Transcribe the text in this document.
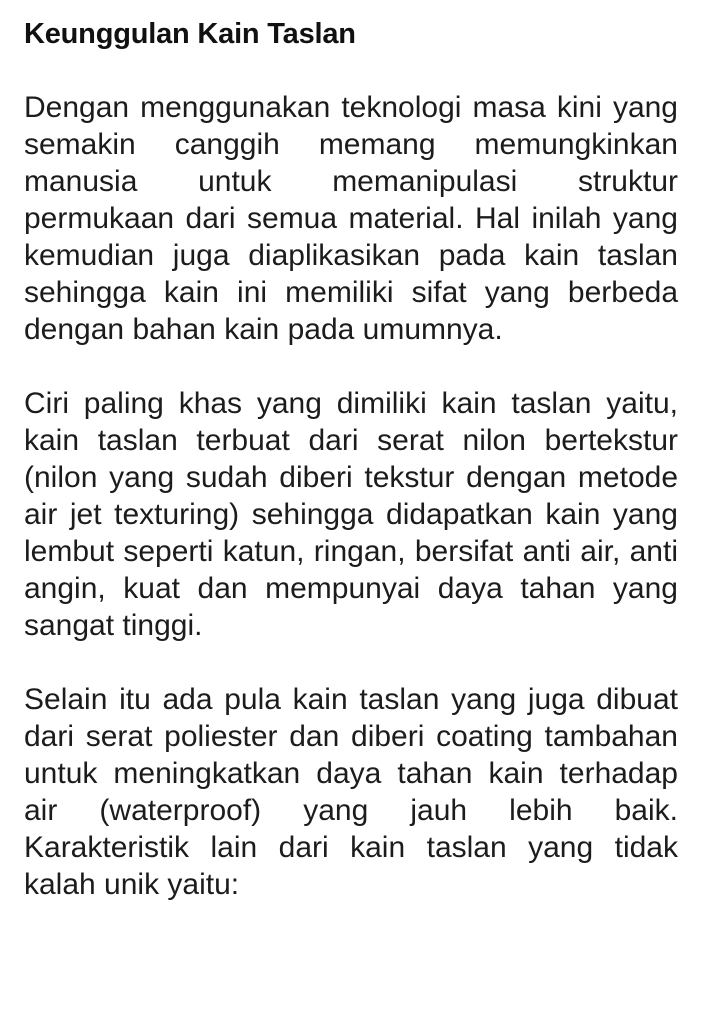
Keunggulan Kain Taslan

Dengan menggunakan teknologi masa kini yang semakin canggih memang memungkinkan manusia untuk memanipulasi struktur permukaan dari semua material. Hal inilah yang kemudian juga diaplikasikan pada kain taslan sehingga kain ini memiliki sifat yang berbeda dengan bahan kain pada umumnya.

Ciri paling khas yang dimiliki kain taslan yaitu, kain taslan terbuat dari serat nilon bertekstur (nilon yang sudah diberi tekstur dengan metode air jet texturing) sehingga didapatkan kain yang lembut seperti katun, ringan, bersifat anti air, anti angin, kuat dan mempunyai daya tahan yang sangat tinggi.

Selain itu ada pula kain taslan yang juga dibuat dari serat poliester dan diberi coating tambahan untuk meningkatkan daya tahan kain terhadap air (waterproof) yang jauh lebih baik. Karakteristik lain dari kain taslan yang tidak kalah unik yaitu:
